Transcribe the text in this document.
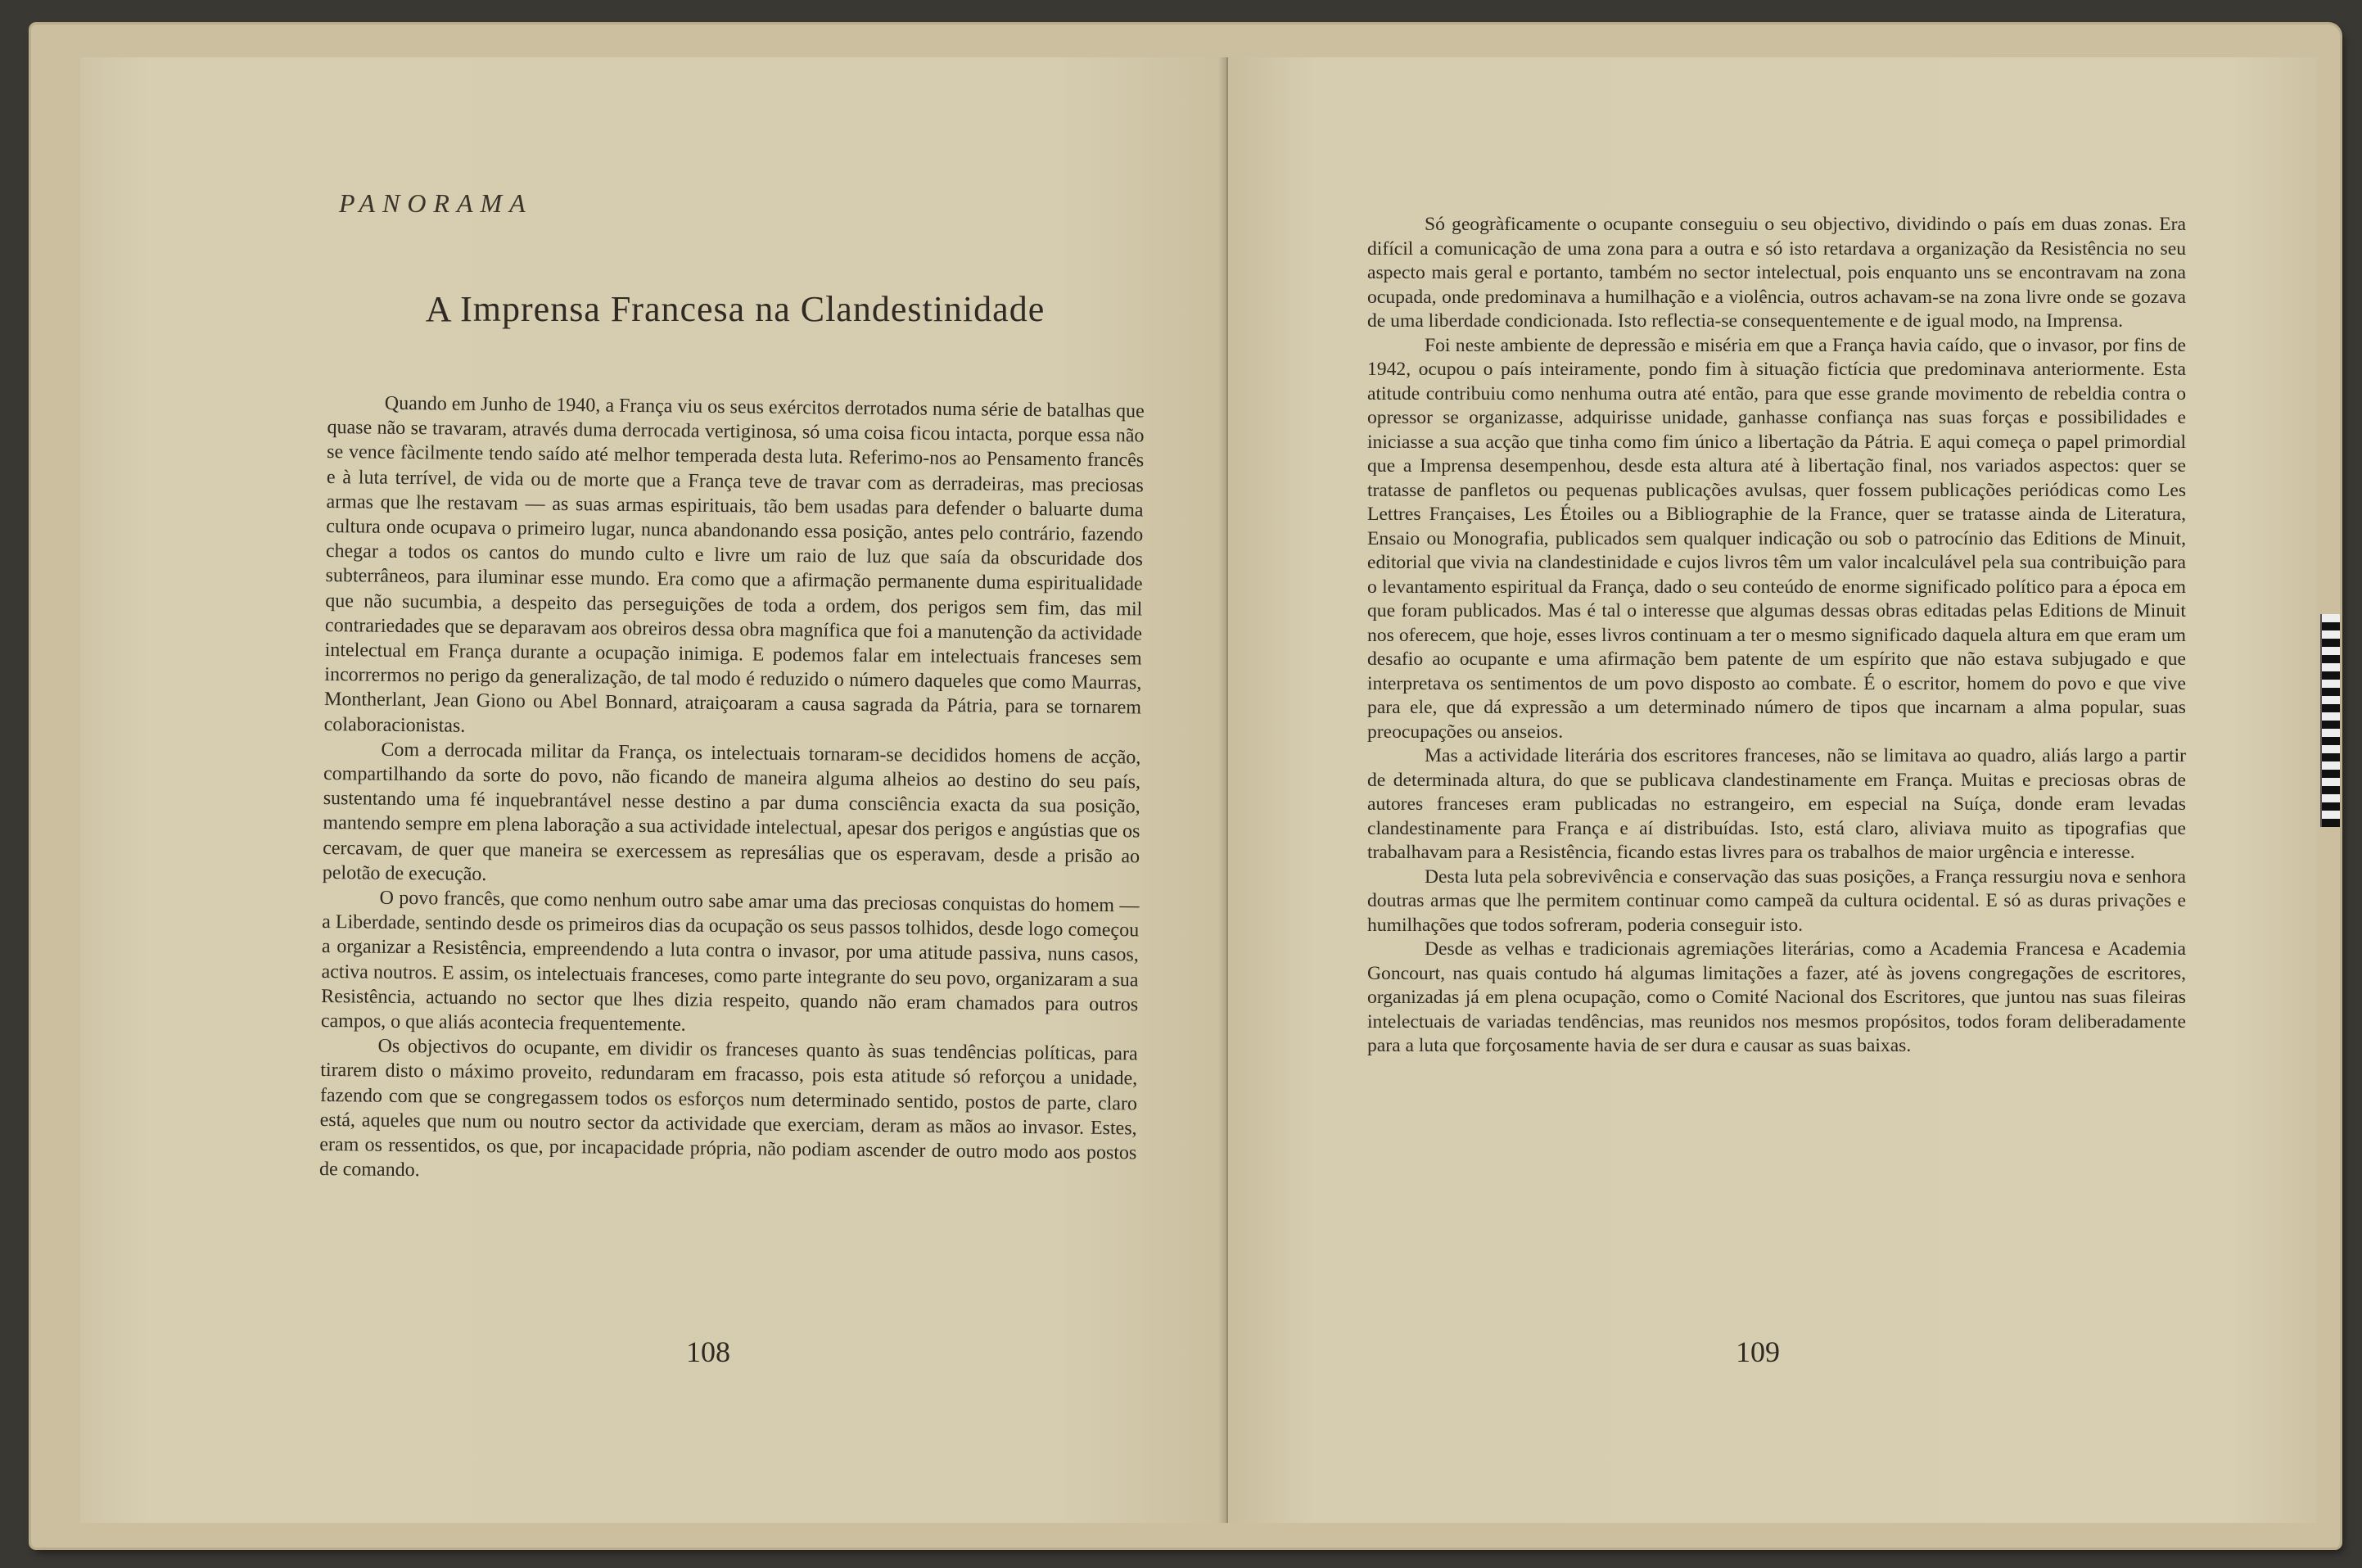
PANORAMA
A Imprensa Francesa na Clandestinidade

Quando em Junho de 1940, a França viu os seus exércitos derrotados numa série de batalhas que quase não se travaram, através duma derrocada vertiginosa, só uma coisa ficou intacta, porque essa não se vence fàcilmente tendo saído até melhor temperada desta luta. Referimo-nos ao Pensamento francês e à luta terrível, de vida ou de morte que a França teve de travar com as derradeiras, mas preciosas armas que lhe restavam — as suas armas espirituais, tão bem usadas para defender o baluarte duma cultura onde ocupava o primeiro lugar, nunca abandonando essa posição, antes pelo contrário, fazendo chegar a todos os cantos do mundo culto e livre um raio de luz que saía da obscuridade dos subterrâneos, para iluminar esse mundo. Era como que a afirmação permanente duma espiritualidade que não sucumbia, a despeito das perseguições de toda a ordem, dos perigos sem fim, das mil contrariedades que se deparavam aos obreiros dessa obra magnífica que foi a manutenção da actividade intelectual em França durante a ocupação inimiga. E podemos falar em intelectuais franceses sem incorrermos no perigo da generalização, de tal modo é reduzido o número daqueles que como Maurras, Montherlant, Jean Giono ou Abel Bonnard, atraiçoaram a causa sagrada da Pátria, para se tornarem colaboracionistas.

Com a derrocada militar da França, os intelectuais tornaram-se decididos homens de acção, compartilhando da sorte do povo, não ficando de maneira alguma alheios ao destino do seu país, sustentando uma fé inquebrantável nesse destino a par duma consciência exacta da sua posição, mantendo sempre em plena laboração a sua actividade intelectual, apesar dos perigos e angústias que os cercavam, de quer que maneira se exercessem as represálias que os esperavam, desde a prisão ao pelotão de execução.

O povo francês, que como nenhum outro sabe amar uma das preciosas conquistas do homem — a Liberdade, sentindo desde os primeiros dias da ocupação os seus passos tolhidos, desde logo começou a organizar a Resistência, empreendendo a luta contra o invasor, por uma atitude passiva, nuns casos, activa noutros. E assim, os intelectuais franceses, como parte integrante do seu povo, organizaram a sua Resistência, actuando no sector que lhes dizia respeito, quando não eram chamados para outros campos, o que aliás acontecia frequentemente.

Os objectivos do ocupante, em dividir os franceses quanto às suas tendências políticas, para tirarem disto o máximo proveito, redundaram em fracasso, pois esta atitude só reforçou a unidade, fazendo com que se congregassem todos os esforços num determinado sentido, postos de parte, claro está, aqueles que num ou noutro sector da actividade que exerciam, deram as mãos ao invasor. Estes, eram os ressentidos, os que, por incapacidade própria, não podiam ascender de outro modo aos postos de comando.

108

Só geogràficamente o ocupante conseguiu o seu objectivo, dividindo o país em duas zonas. Era difícil a comunicação de uma zona para a outra e só isto retardava a organização da Resistência no seu aspecto mais geral e portanto, também no sector intelectual, pois enquanto uns se encontravam na zona ocupada, onde predominava a humilhação e a violência, outros achavam-se na zona livre onde se gozava de uma liberdade condicionada. Isto reflectia-se consequentemente e de igual modo, na Imprensa.

Foi neste ambiente de depressão e miséria em que a França havia caído, que o invasor, por fins de 1942, ocupou o país inteiramente, pondo fim à situação fictícia que predominava anteriormente. Esta atitude contribuiu como nenhuma outra até então, para que esse grande movimento de rebeldia contra o opressor se organizasse, adquirisse unidade, ganhasse confiança nas suas forças e possibilidades e iniciasse a sua acção que tinha como fim único a libertação da Pátria. E aqui começa o papel primordial que a Imprensa desempenhou, desde esta altura até à libertação final, nos variados aspectos: quer se tratasse de panfletos ou pequenas publicações avulsas, quer fossem publicações periódicas como Les Lettres Françaises, Les Étoiles ou a Bibliographie de la France, quer se tratasse ainda de Literatura, Ensaio ou Monografia, publicados sem qualquer indicação ou sob o patrocínio das Editions de Minuit, editorial que vivia na clandestinidade e cujos livros têm um valor incalculável pela sua contribuição para o levantamento espiritual da França, dado o seu conteúdo de enorme significado político para a época em que foram publicados. Mas é tal o interesse que algumas dessas obras editadas pelas Editions de Minuit nos oferecem, que hoje, esses livros continuam a ter o mesmo significado daquela altura em que eram um desafio ao ocupante e uma afirmação bem patente de um espírito que não estava subjugado e que interpretava os sentimentos de um povo disposto ao combate. É o escritor, homem do povo e que vive para ele, que dá expressão a um determinado número de tipos que incarnam a alma popular, suas preocupações ou anseios.

Mas a actividade literária dos escritores franceses, não se limitava ao quadro, aliás largo a partir de determinada altura, do que se publicava clandestinamente em França. Muitas e preciosas obras de autores franceses eram publicadas no estrangeiro, em especial na Suíça, donde eram levadas clandestinamente para França e aí distribuídas. Isto, está claro, aliviava muito as tipografias que trabalhavam para a Resistência, ficando estas livres para os trabalhos de maior urgência e interesse.

Desta luta pela sobrevivência e conservação das suas posições, a França ressurgiu nova e senhora doutras armas que lhe permitem continuar como campeã da cultura ocidental. E só as duras privações e humilhações que todos sofreram, poderia conseguir isto.

Desde as velhas e tradicionais agremiações literárias, como a Academia Francesa e Academia Goncourt, nas quais contudo há algumas limitações a fazer, até às jovens congregações de escritores, organizadas já em plena ocupação, como o Comité Nacional dos Escritores, que juntou nas suas fileiras intelectuais de variadas tendências, mas reunidos nos mesmos propósitos, todos foram deliberadamente para a luta que forçosamente havia de ser dura e causar as suas baixas.

109
